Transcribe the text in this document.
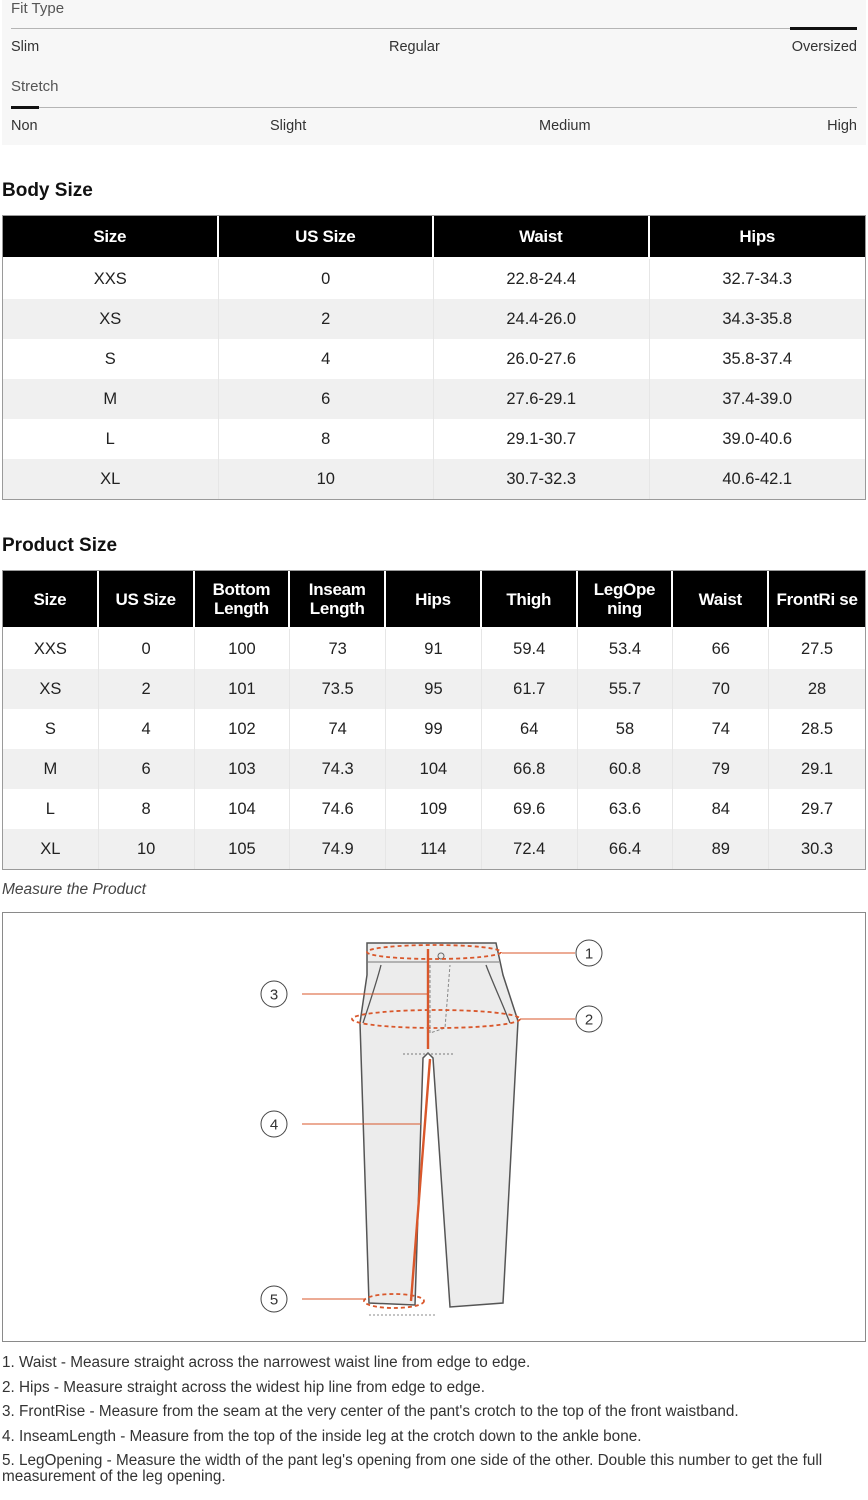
Fit Type
Slim	Regular	Oversized
Stretch
Non	Slight	Medium	High
Body Size
Size	US Size	Waist	Hips
XXS	0	22.8-24.4	32.7-34.3
XS	2	24.4-26.0	34.3-35.8
S	4	26.0-27.6	35.8-37.4
M	6	27.6-29.1	37.4-39.0
L	8	29.1-30.7	39.0-40.6
XL	10	30.7-32.3	40.6-42.1
Product Size
Size	US Size	Bottom Length	Inseam Length	Hips	Thigh	LegOpe ning	Waist	FrontRi se
XXS	0	100	73	91	59.4	53.4	66	27.5
XS	2	101	73.5	95	61.7	55.7	70	28
S	4	102	74	99	64	58	74	28.5
M	6	103	74.3	104	66.8	60.8	79	29.1
L	8	104	74.6	109	69.6	63.6	84	29.7
XL	10	105	74.9	114	72.4	66.4	89	30.3
Measure the Product
1
2
3
4
5

1. Waist - Measure straight across the narrowest waist line from edge to edge.

2. Hips - Measure straight across the widest hip line from edge to edge.

3. FrontRise - Measure from the seam at the very center of the pant's crotch to the top of the front waistband.

4. InseamLength - Measure from the top of the inside leg at the crotch down to the ankle bone.

5. LegOpening - Measure the width of the pant leg's opening from one side of the other. Double this number to get the full measurement of the leg opening.
